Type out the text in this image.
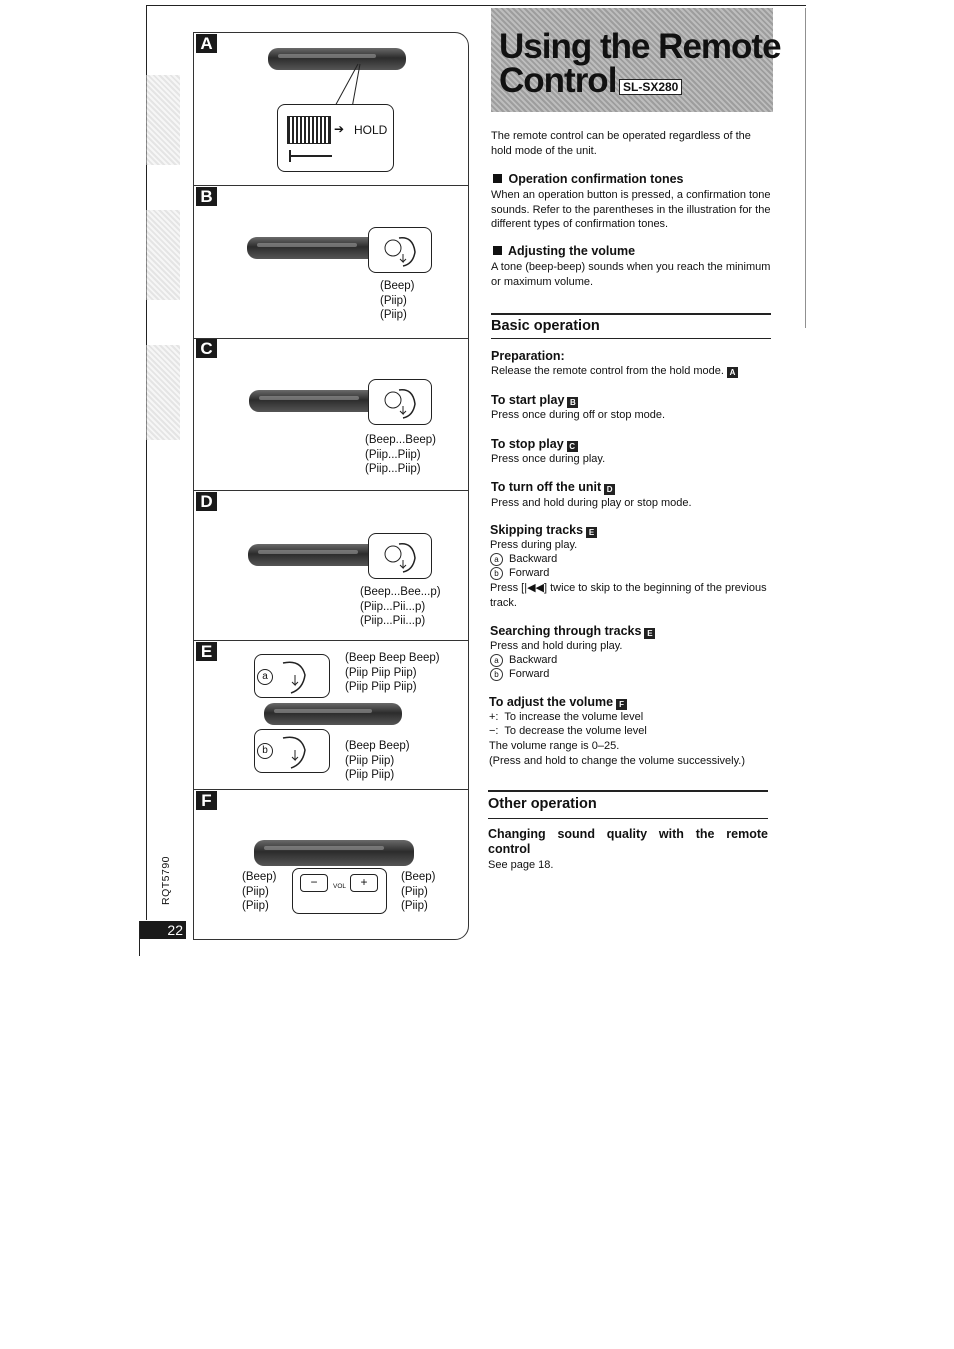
A
➔ HOLD
B
(Beep)
(Piip)
(Piip)
C
(Beep...Beep)
(Piip...Piip)
(Piip...Piip)
D
(Beep...Bee...p)
(Piip...Pii...p)
(Piip...Pii...p)
E
a
b
(Beep Beep Beep)
(Piip Piip Piip)
(Piip Piip Piip)
(Beep Beep)
(Piip Piip)
(Piip Piip)
F
−	+
VOL
(Beep)
(Piip)
(Piip)
(Beep)
(Piip)
(Piip)
RQT5790
22
Using the Remote
Control SL-SX280
The remote control can be operated regardless of the hold mode of the unit.
Operation confirmation tones
When an operation button is pressed, a confirmation tone sounds. Refer to the parentheses in the illustration for the different types of confirmation tones.
Adjusting the volume
A tone (beep-beep) sounds when you reach the minimum or maximum volume.
Basic operation
Preparation:
Release the remote control from the hold mode. A
To start play B
Press once during off or stop mode.
To stop play C
Press once during play.
To turn off the unit D
Press and hold during play or stop mode.
Skipping tracks E
Press during play.
a Backward
b Forward
Press [|◀◀] twice to skip to the beginning of the previous track.
Searching through tracks E
Press and hold during play.
a Backward
b Forward
To adjust the volume F
+:  To increase the volume level
−:  To decrease the volume level
The volume range is 0–25.
(Press and hold to change the volume successively.)
Other operation
Changing sound quality with the remote control
See page 18.
